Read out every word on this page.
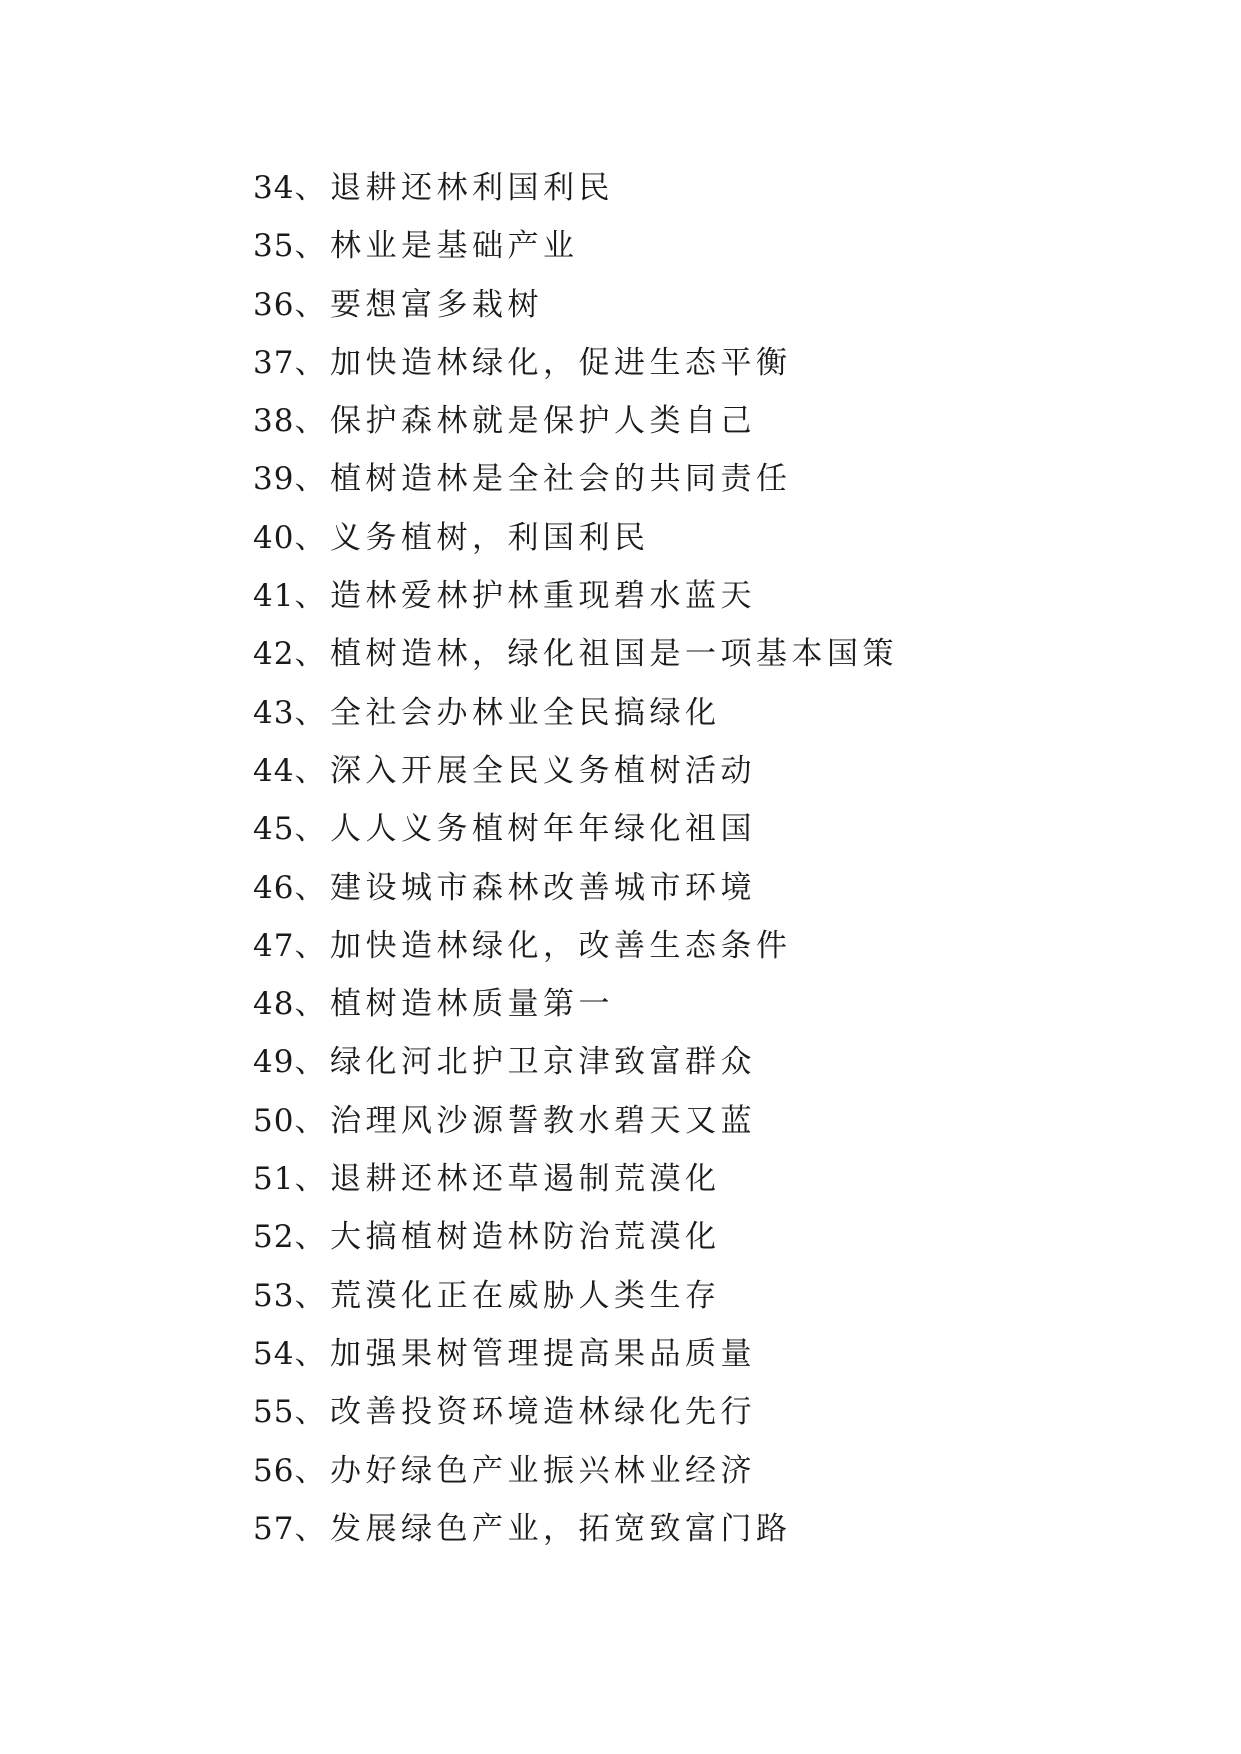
34、退耕还林利国利民
35、林业是基础产业
36、要想富多栽树
37、加快造林绿化，促进生态平衡
38、保护森林就是保护人类自己
39、植树造林是全社会的共同责任
40、义务植树，利国利民
41、造林爱林护林重现碧水蓝天
42、植树造林，绿化祖国是一项基本国策
43、全社会办林业全民搞绿化
44、深入开展全民义务植树活动
45、人人义务植树年年绿化祖国
46、建设城市森林改善城市环境
47、加快造林绿化，改善生态条件
48、植树造林质量第一
49、绿化河北护卫京津致富群众
50、治理风沙源誓教水碧天又蓝
51、退耕还林还草遏制荒漠化
52、大搞植树造林防治荒漠化
53、荒漠化正在威胁人类生存
54、加强果树管理提高果品质量
55、改善投资环境造林绿化先行
56、办好绿色产业振兴林业经济
57、发展绿色产业，拓宽致富门路
